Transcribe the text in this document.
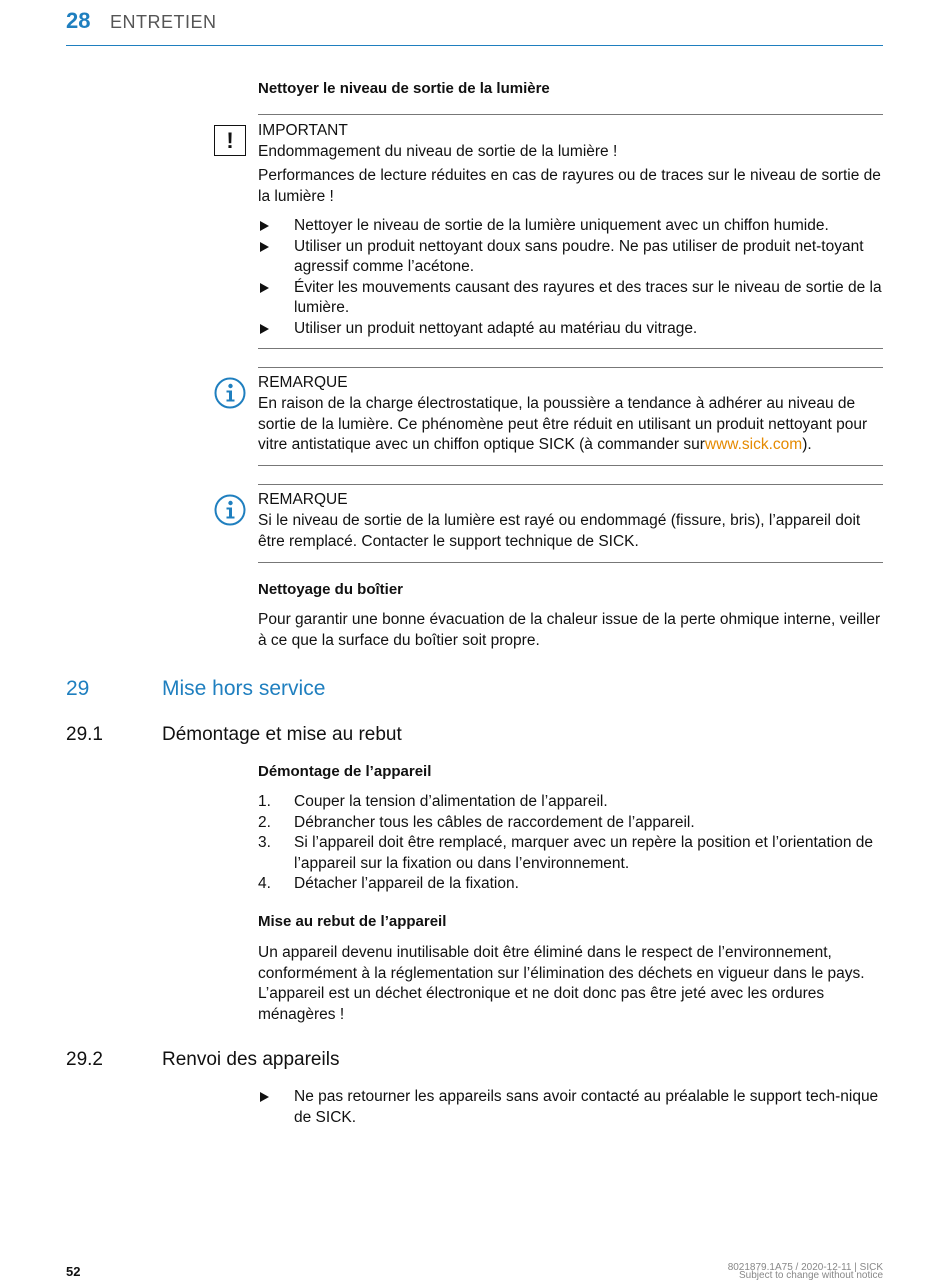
28 ENTRETIEN
Nettoyer le niveau de sortie de la lumière
!	IMPORTANT
Endommagement du niveau de sortie de la lumière !
Performances de lecture réduites en cas de rayures ou de traces sur le niveau de sortie de la lumière !
Nettoyer le niveau de sortie de la lumière uniquement avec un chiffon humide.
Utiliser un produit nettoyant doux sans poudre. Ne pas utiliser de produit net-toyant agressif comme l’acétone.
Éviter les mouvements causant des rayures et des traces sur le niveau de sortie de la lumière.
Utiliser un produit nettoyant adapté au matériau du vitrage.
REMARQUE
En raison de la charge électrostatique, la poussière a tendance à adhérer au niveau de sortie de la lumière. Ce phénomène peut être réduit en utilisant un produit nettoyant pour vitre antistatique avec un chiffon optique SICK (à commander surwww.sick.com).
REMARQUE
Si le niveau de sortie de la lumière est rayé ou endommagé (fissure, bris), l’appareil doit être remplacé. Contacter le support technique de SICK.
Nettoyage du boîtier
Pour garantir une bonne évacuation de la chaleur issue de la perte ohmique interne, veiller à ce que la surface du boîtier soit propre.
29	Mise hors service
29.1	Démontage et mise au rebut
Démontage de l’appareil
1. Couper la tension d’alimentation de l’appareil.
2. Débrancher tous les câbles de raccordement de l’appareil.
3. Si l’appareil doit être remplacé, marquer avec un repère la position et l’orientation de l’appareil sur la fixation ou dans l’environnement.
4. Détacher l’appareil de la fixation.
Mise au rebut de l’appareil
Un appareil devenu inutilisable doit être éliminé dans le respect de l’environnement, conformément à la réglementation sur l’élimination des déchets en vigueur dans le pays. L’appareil est un déchet électronique et ne doit donc pas être jeté avec les ordures ménagères !
29.2	Renvoi des appareils
Ne pas retourner les appareils sans avoir contacté au préalable le support tech-nique de SICK.
52	8021879.1A75 / 2020-12-11 | SICK
Subject to change without notice
